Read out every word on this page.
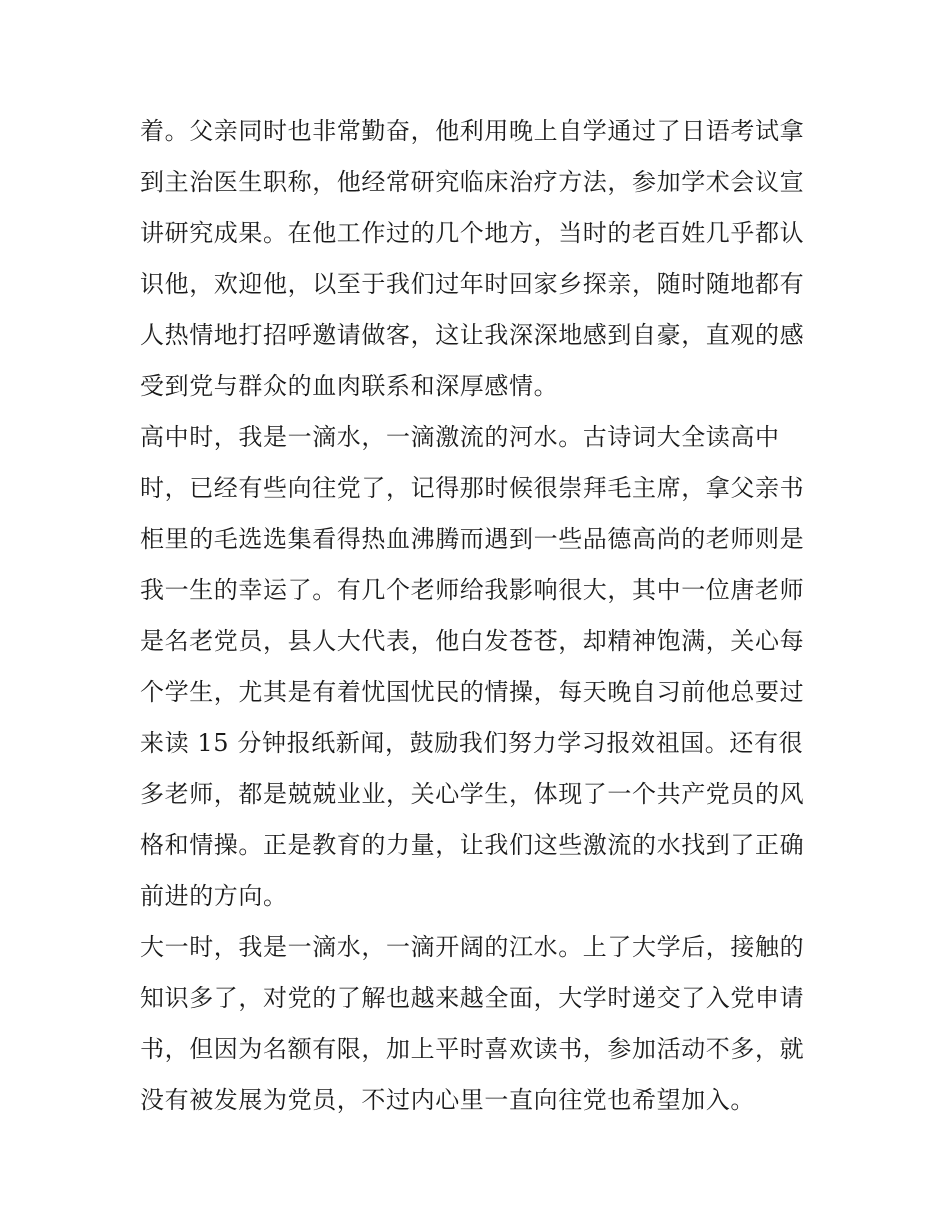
着。父亲同时也非常勤奋，他利用晚上自学通过了日语考试拿
到主治医生职称，他经常研究临床治疗方法，参加学术会议宣
讲研究成果。在他工作过的几个地方，当时的老百姓几乎都认
识他，欢迎他，以至于我们过年时回家乡探亲，随时随地都有
人热情地打招呼邀请做客，这让我深深地感到自豪，直观的感
受到党与群众的血肉联系和深厚感情。
高中时，我是一滴水，一滴激流的河水。古诗词大全读高中
时，已经有些向往党了，记得那时候很崇拜毛主席，拿父亲书
柜里的毛选选集看得热血沸腾而遇到一些品德高尚的老师则是
我一生的幸运了。有几个老师给我影响很大，其中一位唐老师
是名老党员，县人大代表，他白发苍苍，却精神饱满，关心每
个学生，尤其是有着忧国忧民的情操，每天晚自习前他总要过
来读 15 分钟报纸新闻，鼓励我们努力学习报效祖国。还有很
多老师，都是兢兢业业，关心学生，体现了一个共产党员的风
格和情操。正是教育的力量，让我们这些激流的水找到了正确
前进的方向。
大一时，我是一滴水，一滴开阔的江水。上了大学后，接触的
知识多了，对党的了解也越来越全面，大学时递交了入党申请
书，但因为名额有限，加上平时喜欢读书，参加活动不多，就
没有被发展为党员，不过内心里一直向往党也希望加入。
